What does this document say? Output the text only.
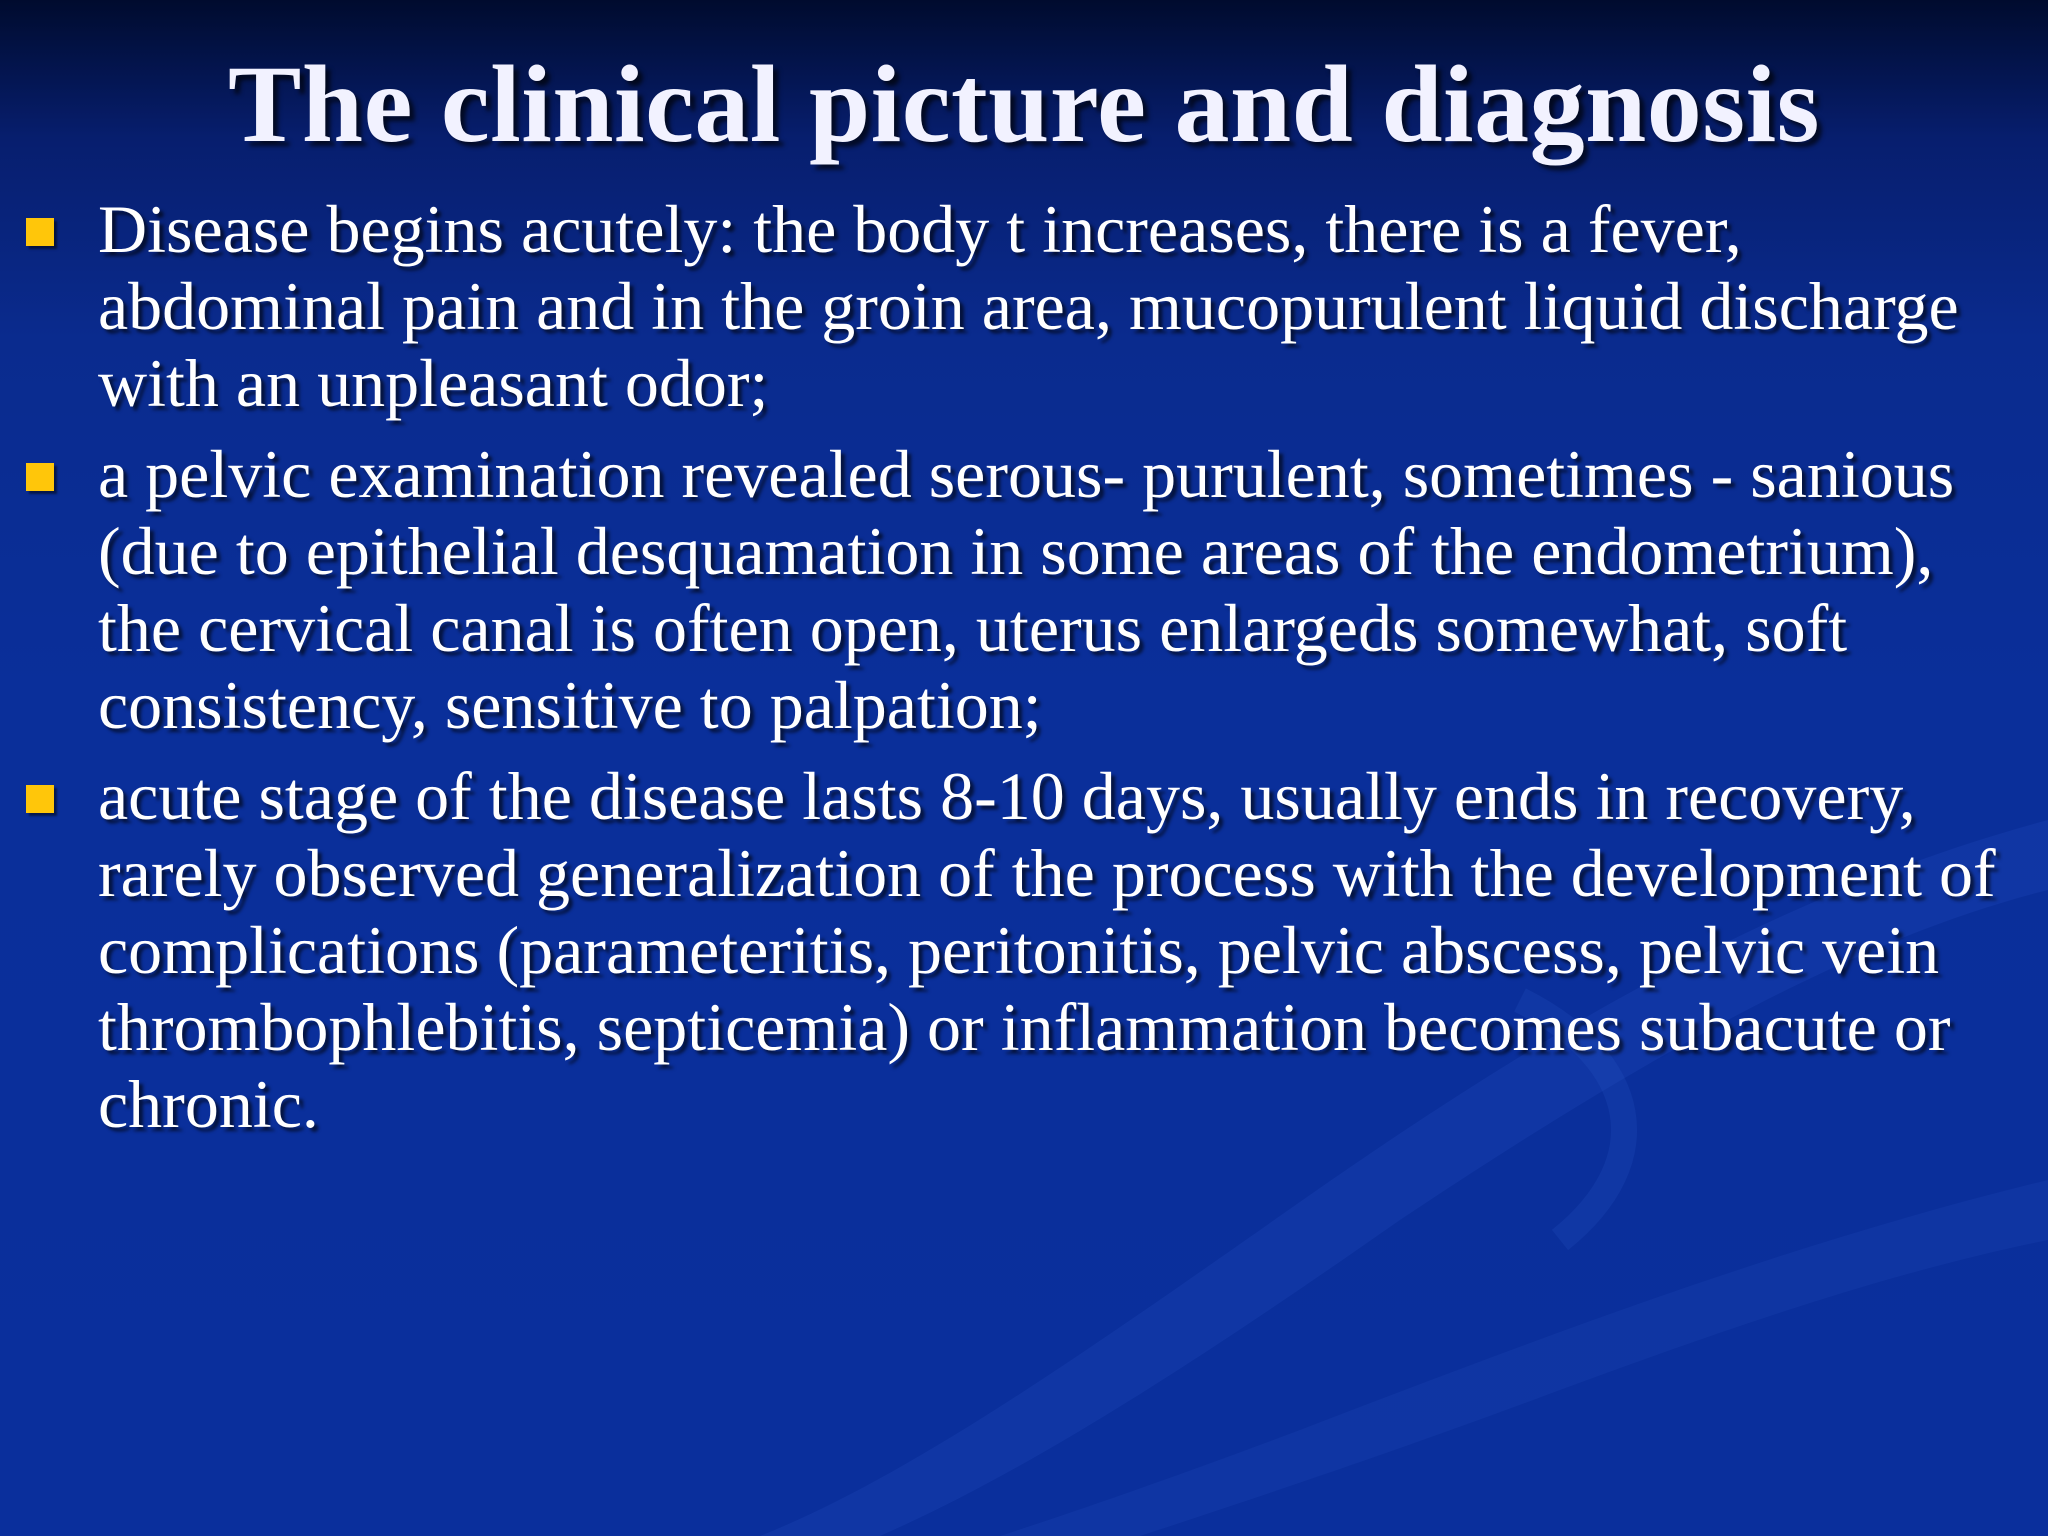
The clinical picture and diagnosis
Disease begins acutely: the body t increases, there is a fever, abdominal pain and in the groin area, mucopurulent liquid discharge with an unpleasant odor;
a pelvic examination revealed serous- purulent, sometimes - sanious (due to epithelial desquamation in some areas of the endometrium), the cervical canal is often open, uterus enlargeds somewhat, soft consistency, sensitive to palpation;
acute stage of the disease lasts 8-10 days, usually ends in recovery, rarely observed generalization of the process with the development of complications (parameteritis, peritonitis, pelvic abscess, pelvic vein thrombophlebitis, septicemia) or inflammation becomes subacute or chronic.
